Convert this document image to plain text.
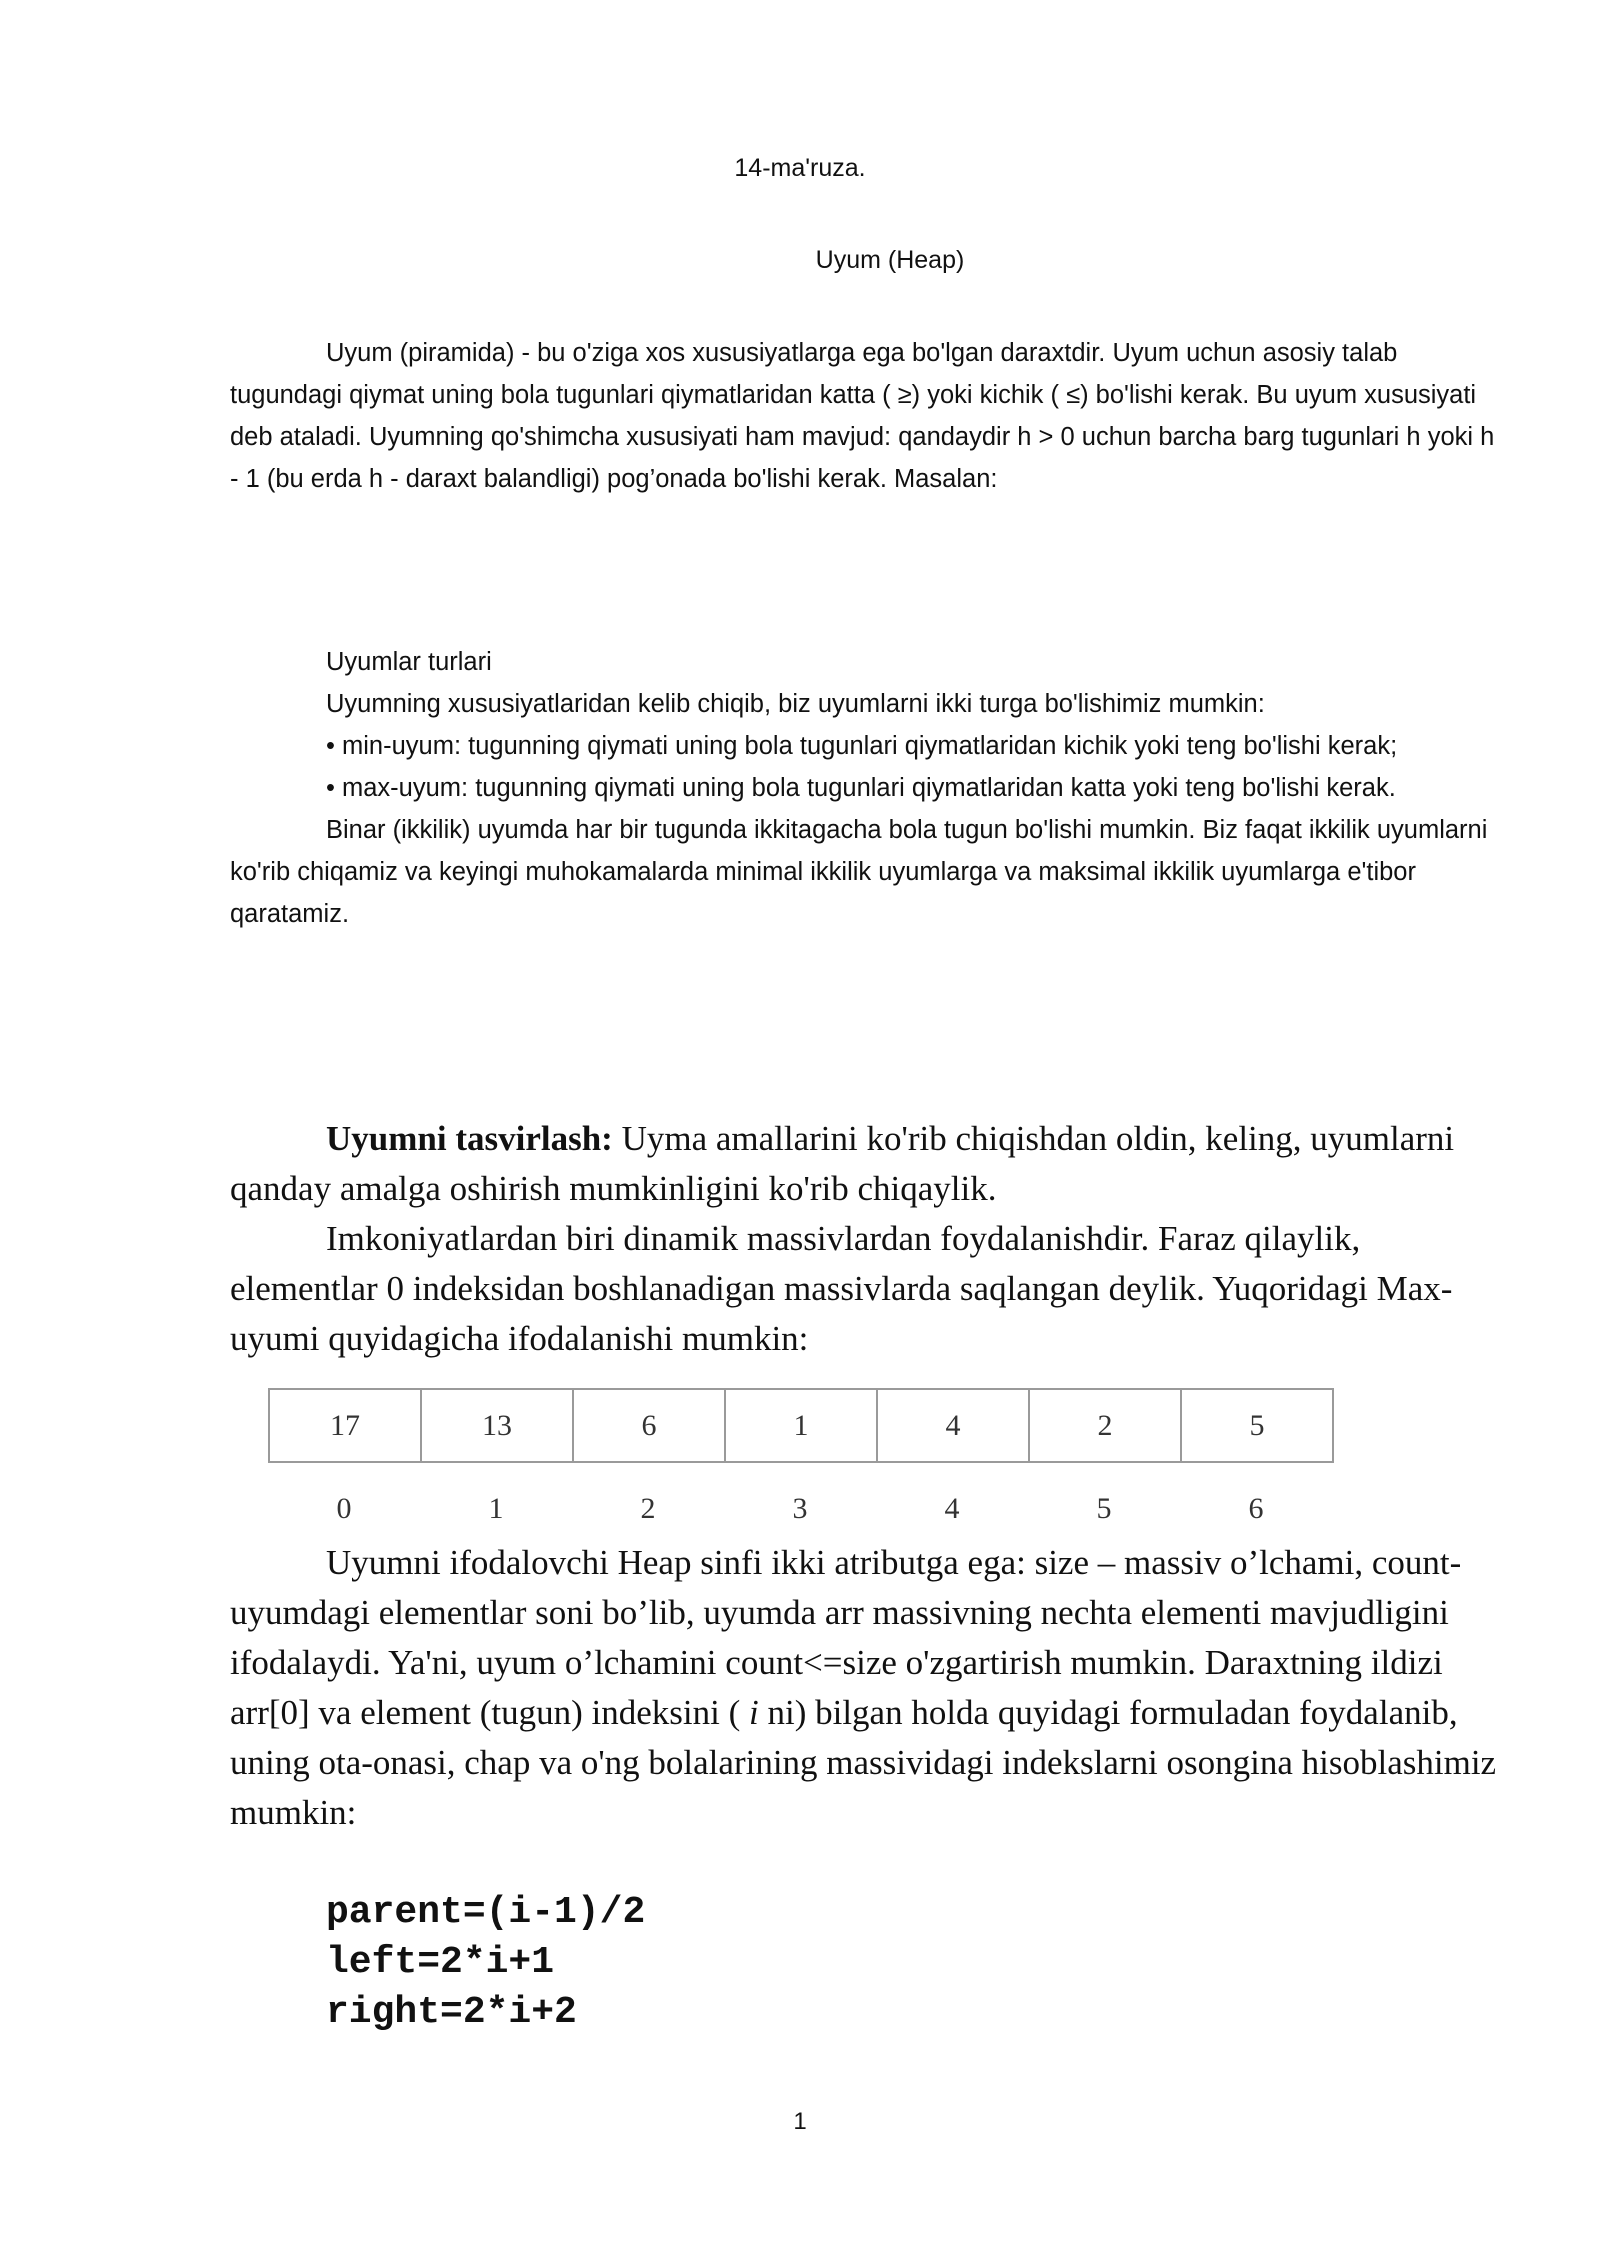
14-ma'ruza.
Uyum (Heap)

Uyum (piramida) - bu o'ziga xos xususiyatlarga ega bo'lgan daraxtdir. Uyum uchun asosiy talab tugundagi qiymat uning bola tugunlari qiymatlaridan katta ( ≥) yoki kichik ( ≤) bo'lishi kerak. Bu uyum xususiyati deb ataladi. Uyumning qo'shimcha xususiyati ham mavjud: qandaydir h > 0 uchun barcha barg tugunlari h yoki h - 1 (bu erda h - daraxt balandligi) pog’onada bo'lishi kerak. Masalan:

Uyumlar turlari

Uyumning xususiyatlaridan kelib chiqib, biz uyumlarni ikki turga bo'lishimiz mumkin:

• min-uyum: tugunning qiymati uning bola tugunlari qiymatlaridan kichik yoki teng bo'lishi kerak;

• max-uyum: tugunning qiymati uning bola tugunlari qiymatlaridan katta yoki teng bo'lishi kerak.

Binar (ikkilik) uyumda har bir tugunda ikkitagacha bola tugun bo'lishi mumkin. Biz faqat ikkilik uyumlarni ko'rib chiqamiz va keyingi muhokamalarda minimal ikkilik uyumlarga va maksimal ikkilik uyumlarga e'tibor qaratamiz.

Uyumni tasvirlash: Uyma amallarini ko'rib chiqishdan oldin, keling, uyumlarni qanday amalga oshirish mumkinligini ko'rib chiqaylik.

Imkoniyatlardan biri dinamik massivlardan foydalanishdir. Faraz qilaylik, elementlar 0 indeksidan boshlanadigan massivlarda saqlangan deylik. Yuqoridagi Max-uyumi quyidagicha ifodalanishi mumkin:

17	13	6	1	4	2	5
0	1	2	3	4	5	6

Uyumni ifodalovchi Heap sinfi ikki atributga ega: size – massiv o’lchami, count- uyumdagi elementlar soni bo’lib, uyumda arr massivning nechta elementi mavjudligini ifodalaydi. Ya'ni, uyum o’lchamini count<=size o'zgartirish mumkin. Daraxtning ildizi arr[0] va element (tugun) indeksini ( i ni) bilgan holda quyidagi formuladan foydalanib, uning ota-onasi, chap va o'ng bolalarining massividagi indekslarni osongina hisoblashimiz mumkin:

parent=(i-1)/2
left=2*i+1
right=2*i+2
1
